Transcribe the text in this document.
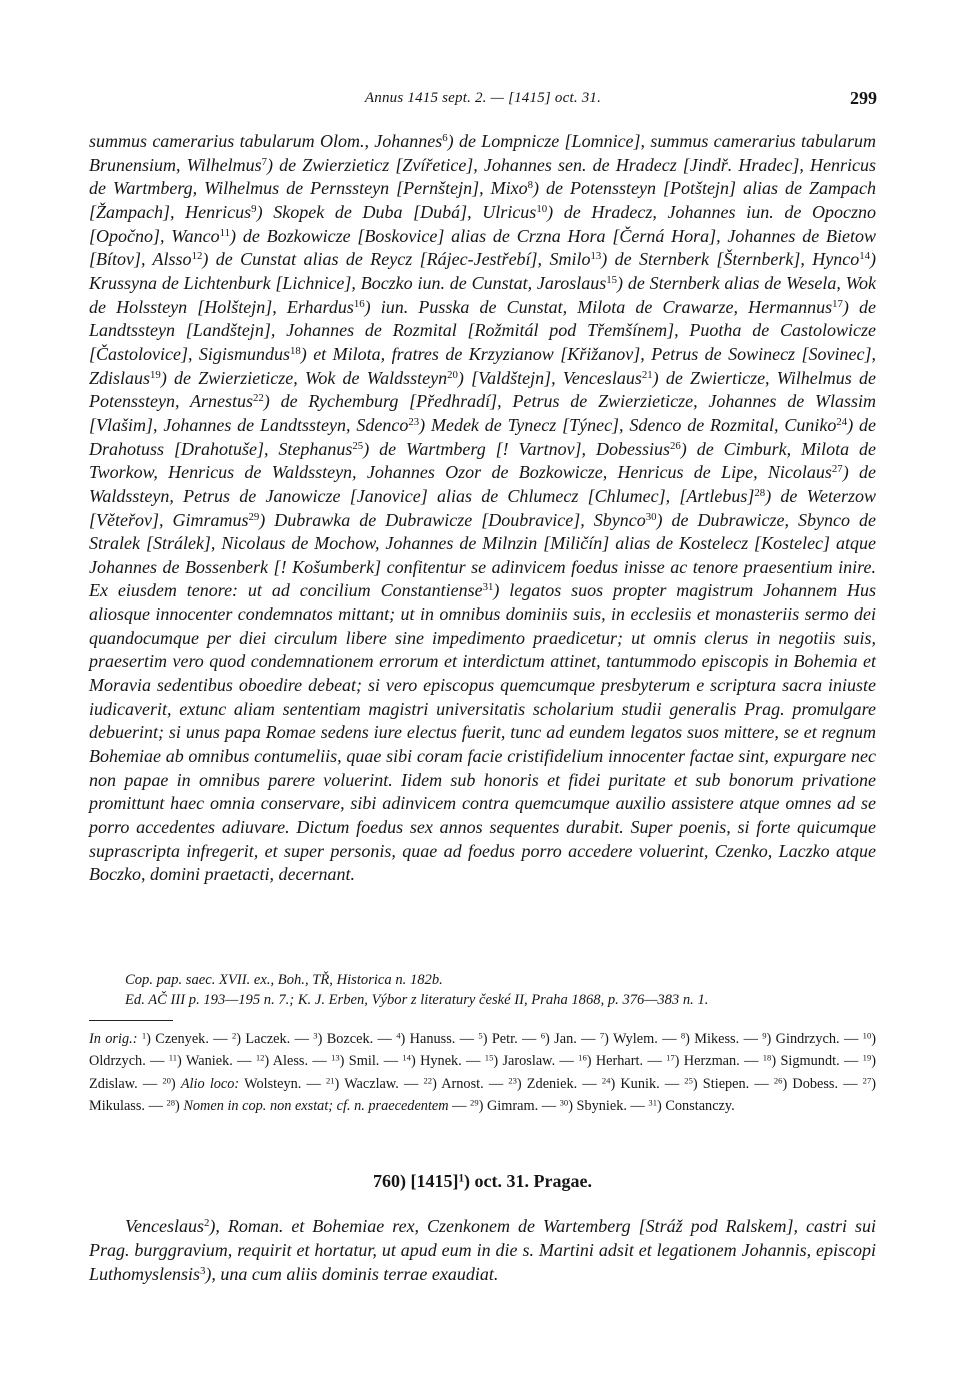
Annus 1415 sept. 2. — [1415] oct. 31.	299

summus camerarius tabularum Olom., Johannes$^6$) de Lompnicze [Lomnice], summus camerarius tabularum Brunensium, Wilhelmus$^7$) de Zwierzieticz [Zvířetice], Johannes sen. de Hradecz [Jindř. Hradec], Henricus de Wartmberg, Wilhelmus de Pernssteyn [Pernštejn], Mixo$^8$) de Potenssteyn [Potštejn] alias de Zampach [Žampach], Henricus$^9$) Skopek de Duba [Dubá], Ulricus$^{10}$) de Hradecz, Johannes iun. de Opoczno [Opočno], Wanco$^{11}$) de Bozkowicze [Boskovice] alias de Crzna Hora [Černá Hora], Johannes de Bietow [Bítov], Alsso$^{12}$) de Cunstat alias de Reycz [Rájec-Jestřebí], Smilo$^{13}$) de Sternberk [Šternberk], Hynco$^{14}$) Krussyna de Lichtenburk [Lichnice], Boczko iun. de Cunstat, Jaroslaus$^{15}$) de Sternberk alias de Wesela, Wok de Holssteyn [Holštejn], Erhardus$^{16}$) iun. Pusska de Cunstat, Milota de Crawarze, Hermannus$^{17}$) de Landtssteyn [Landštejn], Johannes de Rozmital [Rožmitál pod Třemšínem], Puotha de Castolowicze [Častolovice], Sigismundus$^{18}$) et Milota, fratres de Krzyzianow [Křižanov], Petrus de Sowinecz [Sovinec], Zdislaus$^{19}$) de Zwierzieticze, Wok de Waldssteyn$^{20}$) [Valdštejn], Venceslaus$^{21}$) de Zwierticze, Wilhelmus de Potenssteyn, Arnestus$^{22}$) de Rychemburg [Předhradí], Petrus de Zwierzieticze, Johannes de Wlassim [Vlašim], Johannes de Landtssteyn, Sdenco$^{23}$) Medek de Tynecz [Týnec], Sdenco de Rozmital, Cuniko$^{24}$) de Drahotuss [Drahotuše], Stephanus$^{25}$) de Wartmberg [! Vartnov], Dobessius$^{26}$) de Cimburk, Milota de Tworkow, Henricus de Waldssteyn, Johannes Ozor de Bozkowicze, Henricus de Lipe, Nicolaus$^{27}$) de Waldssteyn, Petrus de Janowicze [Janovice] alias de Chlumecz [Chlumec], [Artlebus]$^{28}$) de Weterzow [Věteřov], Gimramus$^{29}$) Dubrawka de Dubrawicze [Doubravice], Sbynco$^{30}$) de Dubrawicze, Sbynco de Stralek [Strálek], Nicolaus de Mochow, Johannes de Milnzin [Miličín] alias de Kostelecz [Kostelec] atque Johannes de Bossenberk [! Košumberk] confitentur se adinvicem foedus inisse ac tenore praesentium inire. Ex eiusdem tenore: ut ad concilium Constantiense$^{31}$) legatos suos propter magistrum Johannem Hus aliosque innocenter condemnatos mittant; ut in omnibus dominiis suis, in ecclesiis et monasteriis sermo dei quandocumque per diei circulum libere sine impedimento praedicetur; ut omnis clerus in negotiis suis, praesertim vero quod condemnationem errorum et interdictum attinet, tantummodo episcopis in Bohemia et Moravia sedentibus oboedire debeat; si vero episcopus quemcumque presbyterum e scriptura sacra iniuste iudicaverit, extunc aliam sententiam magistri universitatis scholarium studii generalis Prag. promulgare debuerint; si unus papa Romae sedens iure electus fuerit, tunc ad eundem legatos suos mittere, se et regnum Bohemiae ab omnibus contumeliis, quae sibi coram facie cristifidelium innocenter factae sint, expurgare nec non papae in omnibus parere voluerint. Iidem sub honoris et fidei puritate et sub bonorum privatione promittunt haec omnia conservare, sibi adinvicem contra quemcumque auxilio assistere atque omnes ad se porro accedentes adiuvare. Dictum foedus sex annos sequentes durabit. Super poenis, si forte quicumque suprascripta infregerit, et super personis, quae ad foedus porro accedere voluerint, Czenko, Laczko atque Boczko, domini praetacti, decernant.

Cop. pap. saec. XVII. ex., Boh., TŘ, Historica n. 182b.
Ed. AČ III p. 193—195 n. 7.; K. J. Erben, Výbor z literatury české II, Praha 1868, p. 376—383 n. 1.

In orig.: $^1$) Czenyek. — $^2$) Laczek. — $^3$) Bozcek. — $^4$) Hanuss. — $^5$) Petr. — $^6$) Jan. — $^7$) Wylem. — $^8$) Mikess. — $^9$) Gindrzych. — $^{10}$) Oldrzych. — $^{11}$) Waniek. — $^{12}$) Aless. — $^{13}$) Smil. — $^{14}$) Hynek. — $^{15}$) Jaroslaw. — $^{16}$) Herhart. — $^{17}$) Herzman. — $^{18}$) Sigmundt. — $^{19}$) Zdislaw. — $^{20}$) Alio loco: Wolsteyn. — $^{21}$) Waczlaw. — $^{22}$) Arnost. — $^{23}$) Zdeniek. — $^{24}$) Kunik. — $^{25}$) Stiepen. — $^{26}$) Dobess. — $^{27}$) Mikulass. — $^{28}$) Nomen in cop. non exstat; cf. n. praecedentem — $^{29}$) Gimram. — $^{30}$) Sbyniek. — $^{31}$) Constanczy.

760) $[1415]^1$) oct. 31. Pragae.

Venceslaus$^2$), Roman. et Bohemiae rex, Czenkonem de Wartemberg [Stráž pod Ralskem], castri sui Prag. burggravium, requirit et hortatur, ut apud eum in die s. Martini adsit et legationem Johannis, episcopi Luthomyslensis$^3$), una cum aliis dominis terrae exaudiat.
